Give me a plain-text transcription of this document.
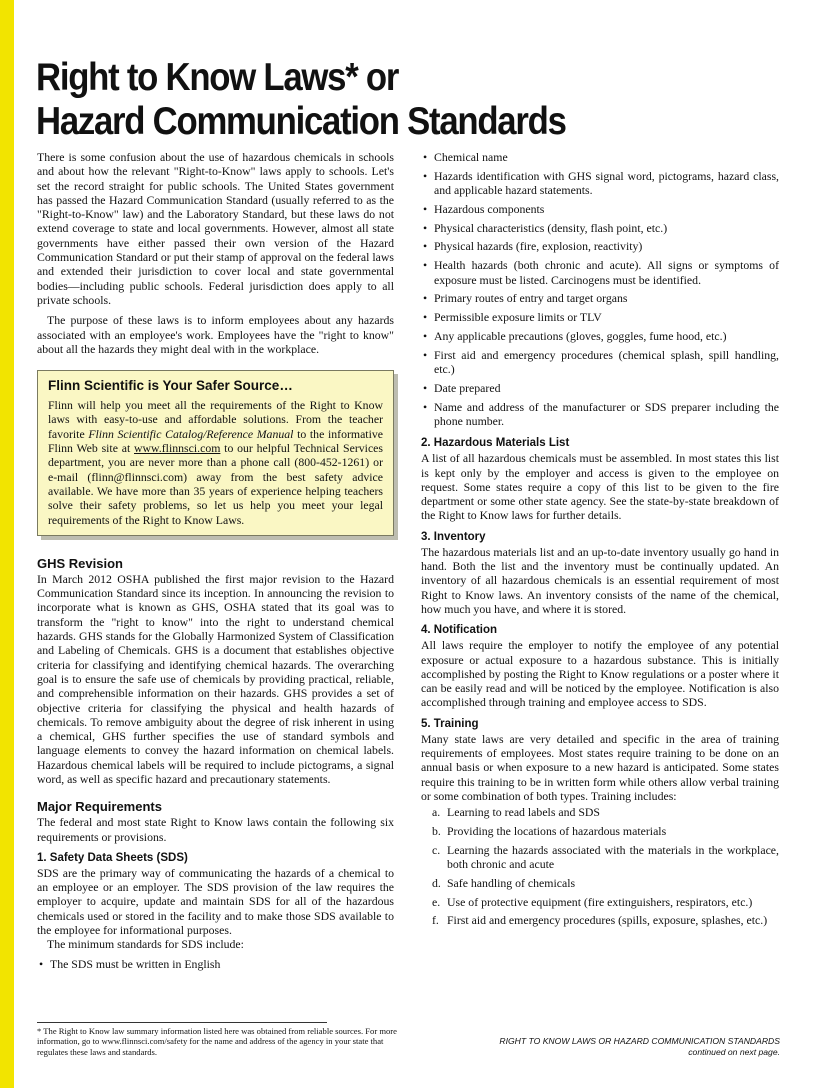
Right to Know Laws* or
Hazard Communication Standards

There is some confusion about the use of hazardous chemicals in schools and about how the relevant "Right-to-Know" laws apply to schools. Let's set the record straight for public schools. The United States government has passed the Hazard Communication Standard (usually referred to as the "Right-to-Know" law) and the Laboratory Standard, but these laws do not extend coverage to state and local governments. However, almost all state governments have either passed their own version of the Hazard Communication Standard or put their stamp of approval on the federal laws and extended their jurisdiction to cover local and state governmental bodies—including public schools. Federal jurisdiction does apply to all private schools.

The purpose of these laws is to inform employees about any hazards associated with an employee's work. Employees have the "right to know" about all the hazards they might deal with in the workplace.

Flinn Scientific is Your Safer Source…

Flinn will help you meet all the requirements of the Right to Know laws with easy-to-use and affordable solutions. From the teacher favorite Flinn Scientific Catalog/Reference Manual to the informative Flinn Web site at www.flinnsci.com to our helpful Technical Services department, you are never more than a phone call (800-452-1261) or e-mail (flinn@flinnsci.com) away from the best safety advice available. We have more than 35 years of experience helping teachers solve their safety problems, so let us help you meet your legal requirements of the Right to Know Laws.

GHS Revision

In March 2012 OSHA published the first major revision to the Hazard Communication Standard since its inception. In announcing the revision to incorporate what is known as GHS, OSHA stated that its goal was to transform the "right to know" into the right to understand chemical hazards. GHS stands for the Globally Harmonized System of Classification and Labeling of Chemicals. GHS is a document that establishes objective criteria for classifying and identifying chemical hazards. The overarching goal is to ensure the safe use of chemicals by providing practical, reliable, and comprehensible information on their hazards. GHS provides a set of objective criteria for classifying the physical and health hazards of chemicals. To remove ambiguity about the degree of risk inherent in using a chemical, GHS further specifies the use of standard symbols and language elements to convey the hazard information on chemical labels. Hazardous chemical labels will be required to include pictograms, a signal word, as well as specific hazard and precautionary statements.

Major Requirements

The federal and most state Right to Know laws contain the following six requirements or provisions.

1. Safety Data Sheets (SDS)

SDS are the primary way of communicating the hazards of a chemical to an employee or an employer. The SDS provision of the law requires the employer to acquire, update and maintain SDS for all of the hazardous chemicals used or stored in the facility and to make those SDS available to the employee for informational purposes.

The minimum standards for SDS include:

• The SDS must be written in English
• Chemical name
• Hazards identification with GHS signal word, pictograms, hazard class, and applicable hazard statements.
• Hazardous components
• Physical characteristics (density, flash point, etc.)
• Physical hazards (fire, explosion, reactivity)
• Health hazards (both chronic and acute). All signs or symptoms of exposure must be listed. Carcinogens must be identified.
• Primary routes of entry and target organs
• Permissible exposure limits or TLV
• Any applicable precautions (gloves, goggles, fume hood, etc.)
• First aid and emergency procedures (chemical splash, spill handling, etc.)
• Date prepared
• Name and address of the manufacturer or SDS preparer including the phone number.
2. Hazardous Materials List

A list of all hazardous chemicals must be assembled. In most states this list is kept only by the employer and access is given to the employee on request. Some states require a copy of this list to be given to the fire department or some other state agency. See the state-by-state breakdown of the Right to Know laws for further details.

3. Inventory

The hazardous materials list and an up-to-date inventory usually go hand in hand. Both the list and the inventory must be continually updated. An inventory of all hazardous chemicals is an essential requirement of most Right to Know laws. An inventory consists of the name of the chemical, how much you have, and where it is stored.

4. Notification

All laws require the employer to notify the employee of any potential exposure or actual exposure to a hazardous substance. This is initially accomplished by posting the Right to Know regulations or a poster where it can be easily read and will be noticed by the employee. Notification is also accomplished through training and employee access to SDS.

5. Training

Many state laws are very detailed and specific in the area of training requirements of employees. Most states require training to be done on an annual basis or when exposure to a new hazard is anticipated. Some states require this training to be in written form while others allow verbal training or some combination of both types. Training includes:

a. Learning to read labels and SDS
b. Providing the locations of hazardous materials
c. Learning the hazards associated with the materials in the workplace, both chronic and acute
d. Safe handling of chemicals
e. Use of protective equipment (fire extinguishers, respirators, etc.)
f. First aid and emergency procedures (spills, exposure, splashes, etc.)

* The Right to Know law summary information listed here was obtained from reliable sources. For more information, go to www.flinnsci.com/safety for the name and address of the agency in your state that regulates these laws and standards.

RIGHT TO KNOW LAWS OR HAZARD COMMUNICATION STANDARDS
continued on next page.
